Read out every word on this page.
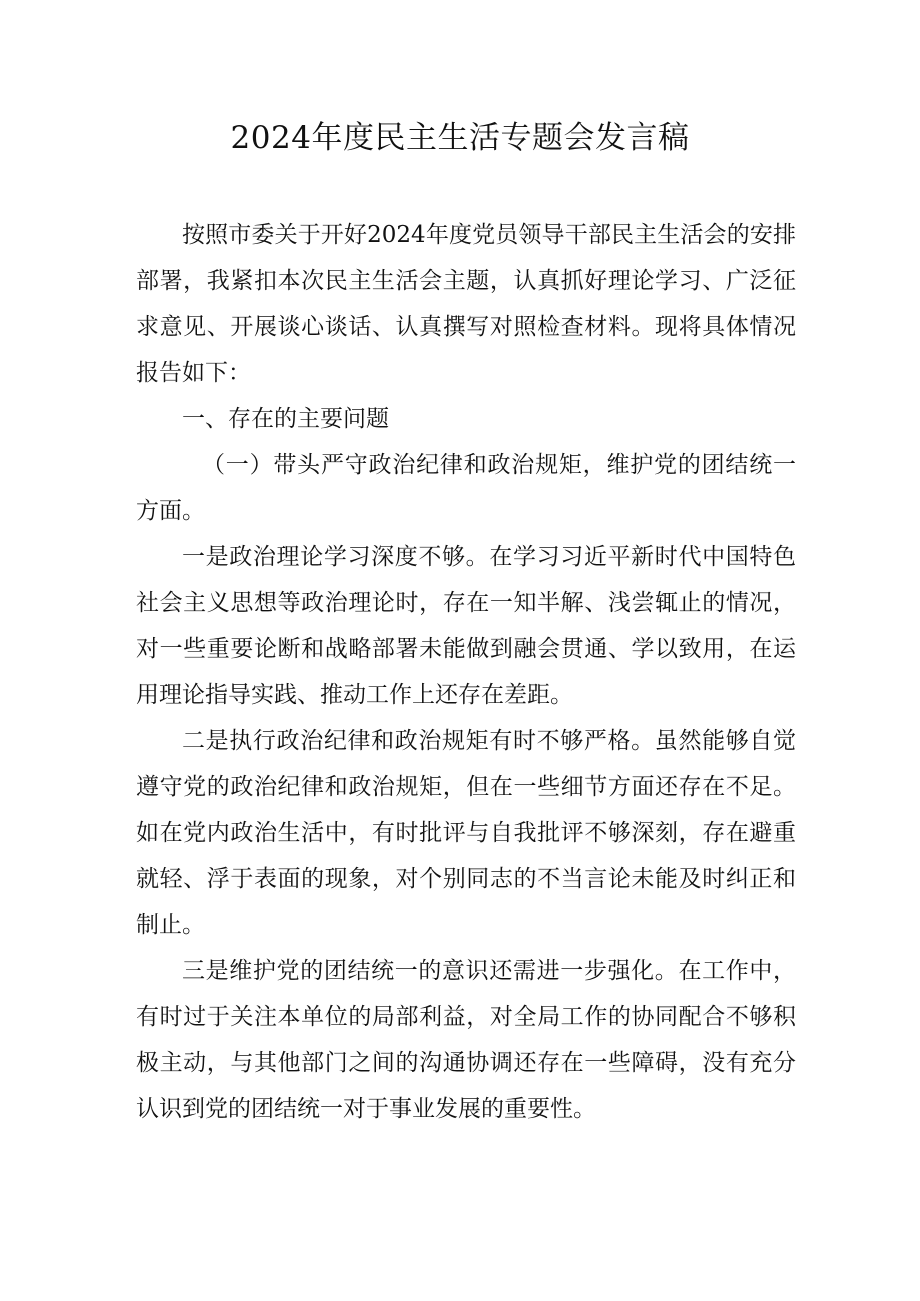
2024年度民主生活专题会发言稿

按照市委关于开好2024年度党员领导干部民主生活会的安排部署，我紧扣本次民主生活会主题，认真抓好理论学习、广泛征求意见、开展谈心谈话、认真撰写对照检查材料。现将具体情况报告如下：

一、存在的主要问题

（一）带头严守政治纪律和政治规矩，维护党的团结统一方面。

一是政治理论学习深度不够。在学习习近平新时代中国特色社会主义思想等政治理论时，存在一知半解、浅尝辄止的情况，对一些重要论断和战略部署未能做到融会贯通、学以致用，在运用理论指导实践、推动工作上还存在差距。

二是执行政治纪律和政治规矩有时不够严格。虽然能够自觉遵守党的政治纪律和政治规矩，但在一些细节方面还存在不足。如在党内政治生活中，有时批评与自我批评不够深刻，存在避重就轻、浮于表面的现象，对个别同志的不当言论未能及时纠正和制止。

三是维护党的团结统一的意识还需进一步强化。在工作中，有时过于关注本单位的局部利益，对全局工作的协同配合不够积极主动，与其他部门之间的沟通协调还存在一些障碍，没有充分认识到党的团结统一对于事业发展的重要性。
